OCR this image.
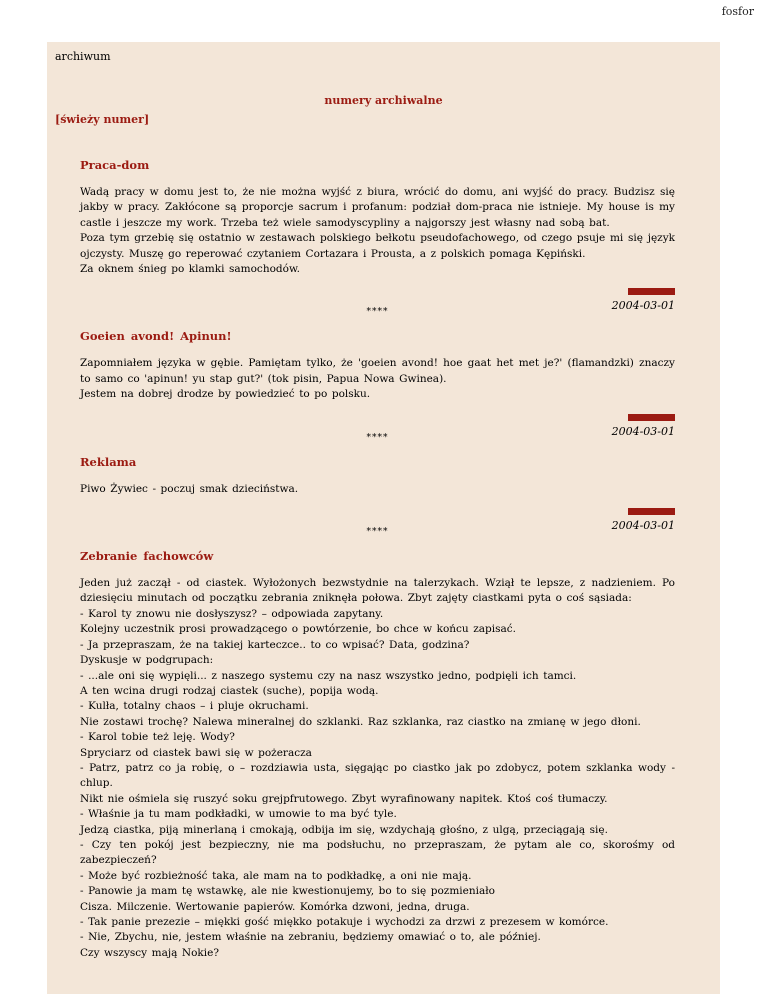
fosfor
archiwum
numery archiwalne
[świeży numer]
Praca-dom
Wadą pracy w domu jest to, że nie można wyjść z biura, wrócić do domu, ani wyjść do pracy. Budzisz się jakby w pracy. Zakłócone są proporcje sacrum i profanum: podział dom-praca nie istnieje. My house is my castle i jeszcze my work. Trzeba też wiele samodyscypliny a najgorszy jest własny nad sobą bat.
Poza tym grzebię się ostatnio w zestawach polskiego bełkotu pseudofachowego, od czego psuje mi się język ojczysty. Muszę go reperować czytaniem Cortazara i Prousta, a z polskich pomaga Kępiński.
Za oknem śnieg po klamki samochodów.
2004-03-01
****
Goeien avond! Apinun!
Zapomniałem języka w gębie. Pamiętam tylko, że 'goeien avond! hoe gaat het met je?' (flamandzki) znaczy to samo co 'apinun! yu stap gut?' (tok pisin, Papua Nowa Gwinea).
Jestem na dobrej drodze by powiedzieć to po polsku.
2004-03-01
****
Reklama
Piwo Żywiec - poczuj smak dzieciństwa.
2004-03-01
****
Zebranie fachowców
Jeden już zaczął - od ciastek. Wyłożonych bezwstydnie na talerzykach. Wziął te lepsze, z nadzieniem. Po dziesięciu minutach od początku zebrania zniknęła połowa. Zbyt zajęty ciastkami pyta o coś sąsiada:
- Karol ty znowu nie dosłyszysz? – odpowiada zapytany.
Kolejny uczestnik prosi prowadzącego o powtórzenie, bo chce w końcu zapisać.
- Ja przepraszam, że na takiej karteczce.. to co wpisać? Data, godzina?
Dyskusje w podgrupach:
- ...ale oni się wypięli... z naszego systemu czy na nasz wszystko jedno, podpięli ich tamci.
A ten wcina drugi rodzaj ciastek (suche), popija wodą.
- Kulła, totalny chaos – i pluje okruchami.
Nie zostawi trochę? Nalewa mineralnej do szklanki. Raz szklanka, raz ciastko na zmianę w jego dłoni.
- Karol tobie też leję. Wody?
Spryciarz od ciastek bawi się w pożeracza
- Patrz, patrz co ja robię, o – rozdziawia usta, sięgając po ciastko jak po zdobycz, potem szklanka wody - chlup.
Nikt nie ośmiela się ruszyć soku grejpfrutowego. Zbyt wyrafinowany napitek. Ktoś coś tłumaczy.
- Właśnie ja tu mam podkładki, w umowie to ma być tyle.
Jedzą ciastka, piją minerlaną i cmokają, odbija im się, wzdychają głośno, z ulgą, przeciągają się.
- Czy ten pokój jest bezpieczny, nie ma podsłuchu, no przepraszam, że pytam ale co, skorośmy od zabezpieczeń?
- Może być rozbieżność taka, ale mam na to podkładkę, a oni nie mają.
- Panowie ja mam tę wstawkę, ale nie kwestionujemy, bo to się pozmieniało
Cisza. Milczenie. Wertowanie papierów. Komórka dzwoni, jedna, druga.
- Tak panie prezezie – miękki gość miękko potakuje i wychodzi za drzwi z prezesem w komórce.
- Nie, Zbychu, nie, jestem właśnie na zebraniu, będziemy omawiać o to, ale później.
Czy wszyscy mają Nokie?
